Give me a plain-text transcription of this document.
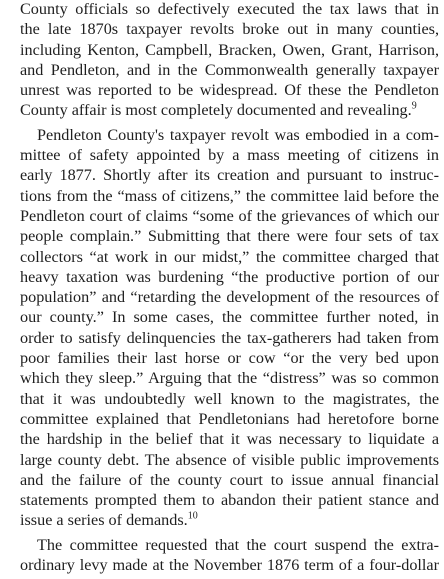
County officials so defectively executed the tax laws that in
the late 1870s taxpayer revolts broke out in many counties,
including Kenton, Campbell, Bracken, Owen, Grant, Harrison,
and Pendleton, and in the Commonwealth generally taxpayer
unrest was reported to be widespread. Of these the Pendleton
County affair is most completely documented and revealing.$^9$
Pendleton County's taxpayer revolt was embodied in a com-
mittee of safety appointed by a mass meeting of citizens in
early 1877. Shortly after its creation and pursuant to instruc-
tions from the “mass of citizens,” the committee laid before the
Pendleton court of claims “some of the grievances of which our
people complain.” Submitting that there were four sets of tax
collectors “at work in our midst,” the committee charged that
heavy taxation was burdening “the productive portion of our
population” and “retarding the development of the resources of
our county.” In some cases, the committee further noted, in
order to satisfy delinquencies the tax-gatherers had taken from
poor families their last horse or cow “or the very bed upon
which they sleep.” Arguing that the “distress” was so common
that it was undoubtedly well known to the magistrates, the
committee explained that Pendletonians had heretofore borne
the hardship in the belief that it was necessary to liquidate a
large county debt. The absence of visible public improvements
and the failure of the county court to issue annual financial
statements prompted them to abandon their patient stance and
issue a series of demands.$^{10}$
The committee requested that the court suspend the extra-
ordinary levy made at the November 1876 term of a four-dollar
